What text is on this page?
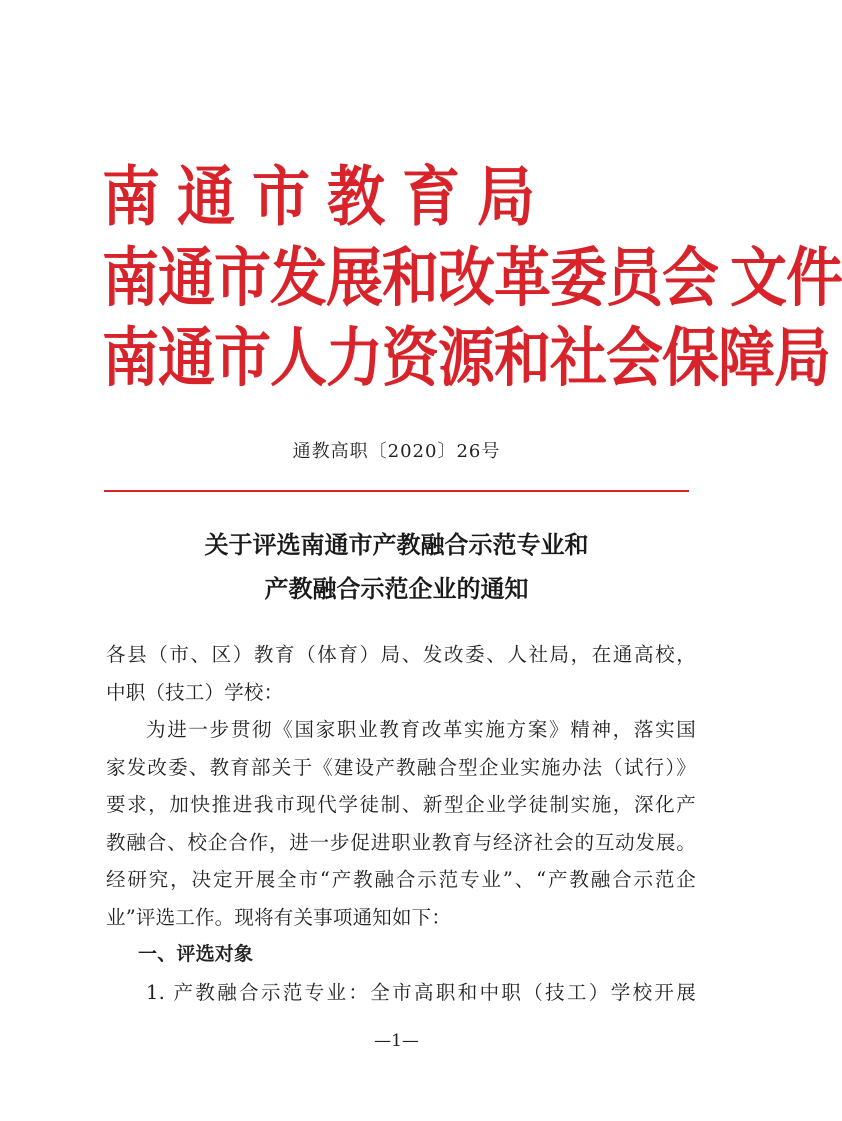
南通市教育局
南通市发展和改革委员会 文件
南通市人力资源和社会保障局
通教高职〔2020〕26号
关于评选南通市产教融合示范专业和
产教融合示范企业的通知
各县（市、区）教育（体育）局、发改委、人社局，在通高校，
中职（技工）学校：
为进一步贯彻《国家职业教育改革实施方案》精神，落实国
家发改委、教育部关于《建设产教融合型企业实施办法（试行）》
要求，加快推进我市现代学徒制、新型企业学徒制实施，深化产
教融合、校企合作，进一步促进职业教育与经济社会的互动发展。
经研究，决定开展全市“产教融合示范专业”、“产教融合示范企
业”评选工作。现将有关事项通知如下：
一、评选对象
1. 产教融合示范专业：全市高职和中职（技工）学校开展
—1—
